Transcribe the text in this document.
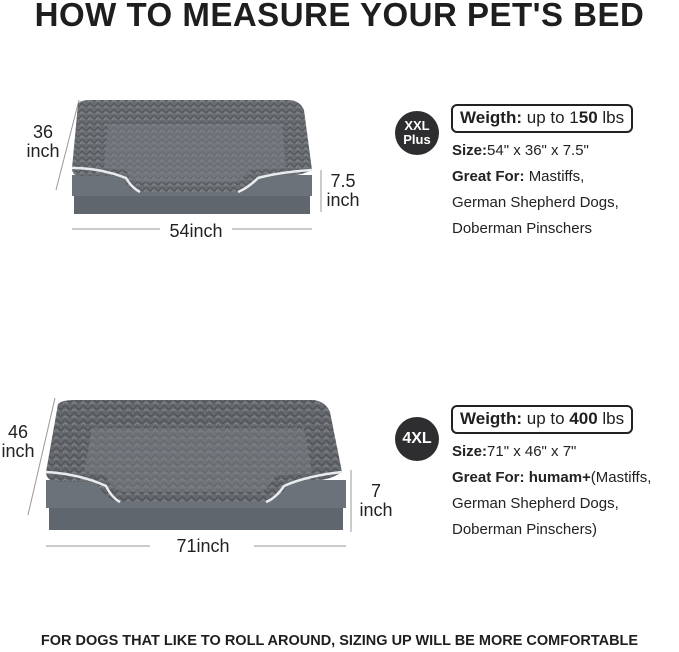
HOW TO MEASURE YOUR PET'S BED
36
inch
7.5
inch
54inch
XXL
Plus
Weigth: up to 150 lbs
Size:54" x 36" x 7.5"
Great For: Mastiffs,
German Shepherd Dogs,
Doberman Pinschers
46
inch
7
inch
71inch
4XL
Weigth: up to 400 lbs
Size:71" x 46" x 7"
Great For: humam+(Mastiffs,
German Shepherd Dogs,
Doberman Pinschers)
FOR DOGS THAT LIKE TO ROLL AROUND, SIZING UP WILL BE MORE COMFORTABLE
